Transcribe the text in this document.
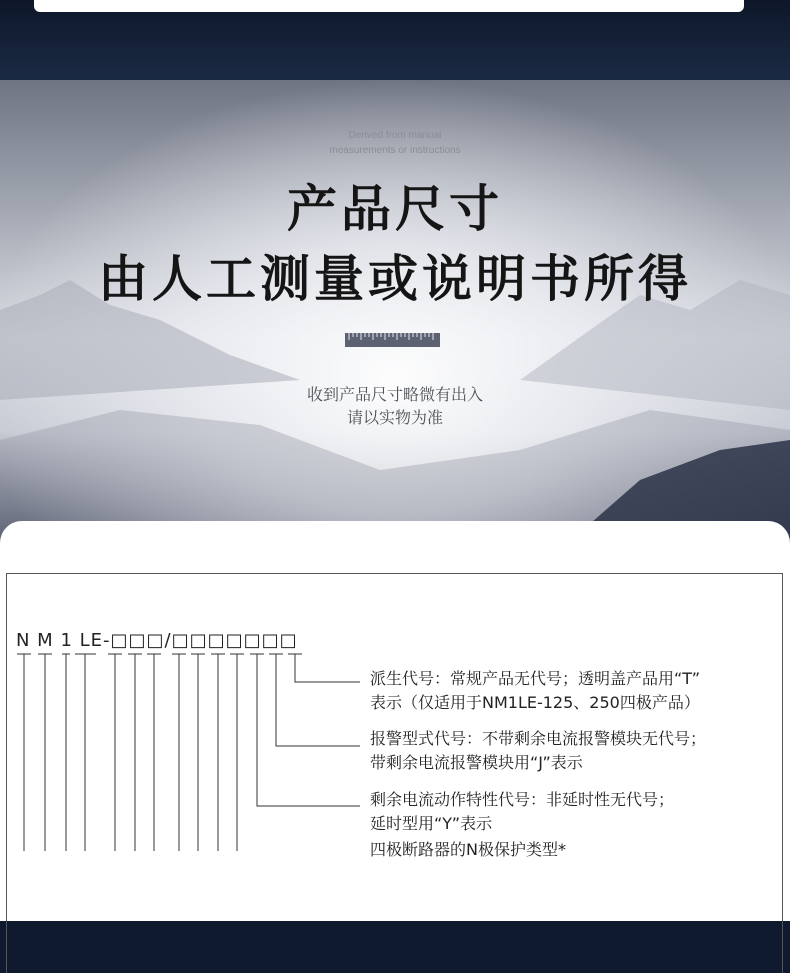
Derived from manual
measurements or instructions
产品尺寸
由人工测量或说明书所得
收到产品尺寸略微有出入
请以实物为准
N M 1 LE-□□□/□□□□□□□
派生代号：常规产品无代号；透明盖产品用“T”
表示（仅适用于NM1LE-125、250四极产品）
报警型式代号：不带剩余电流报警模块无代号；
带剩余电流报警模块用“J”表示
剩余电流动作特性代号：非延时性无代号；
延时型用“Y”表示
四极断路器的N极保护类型*
